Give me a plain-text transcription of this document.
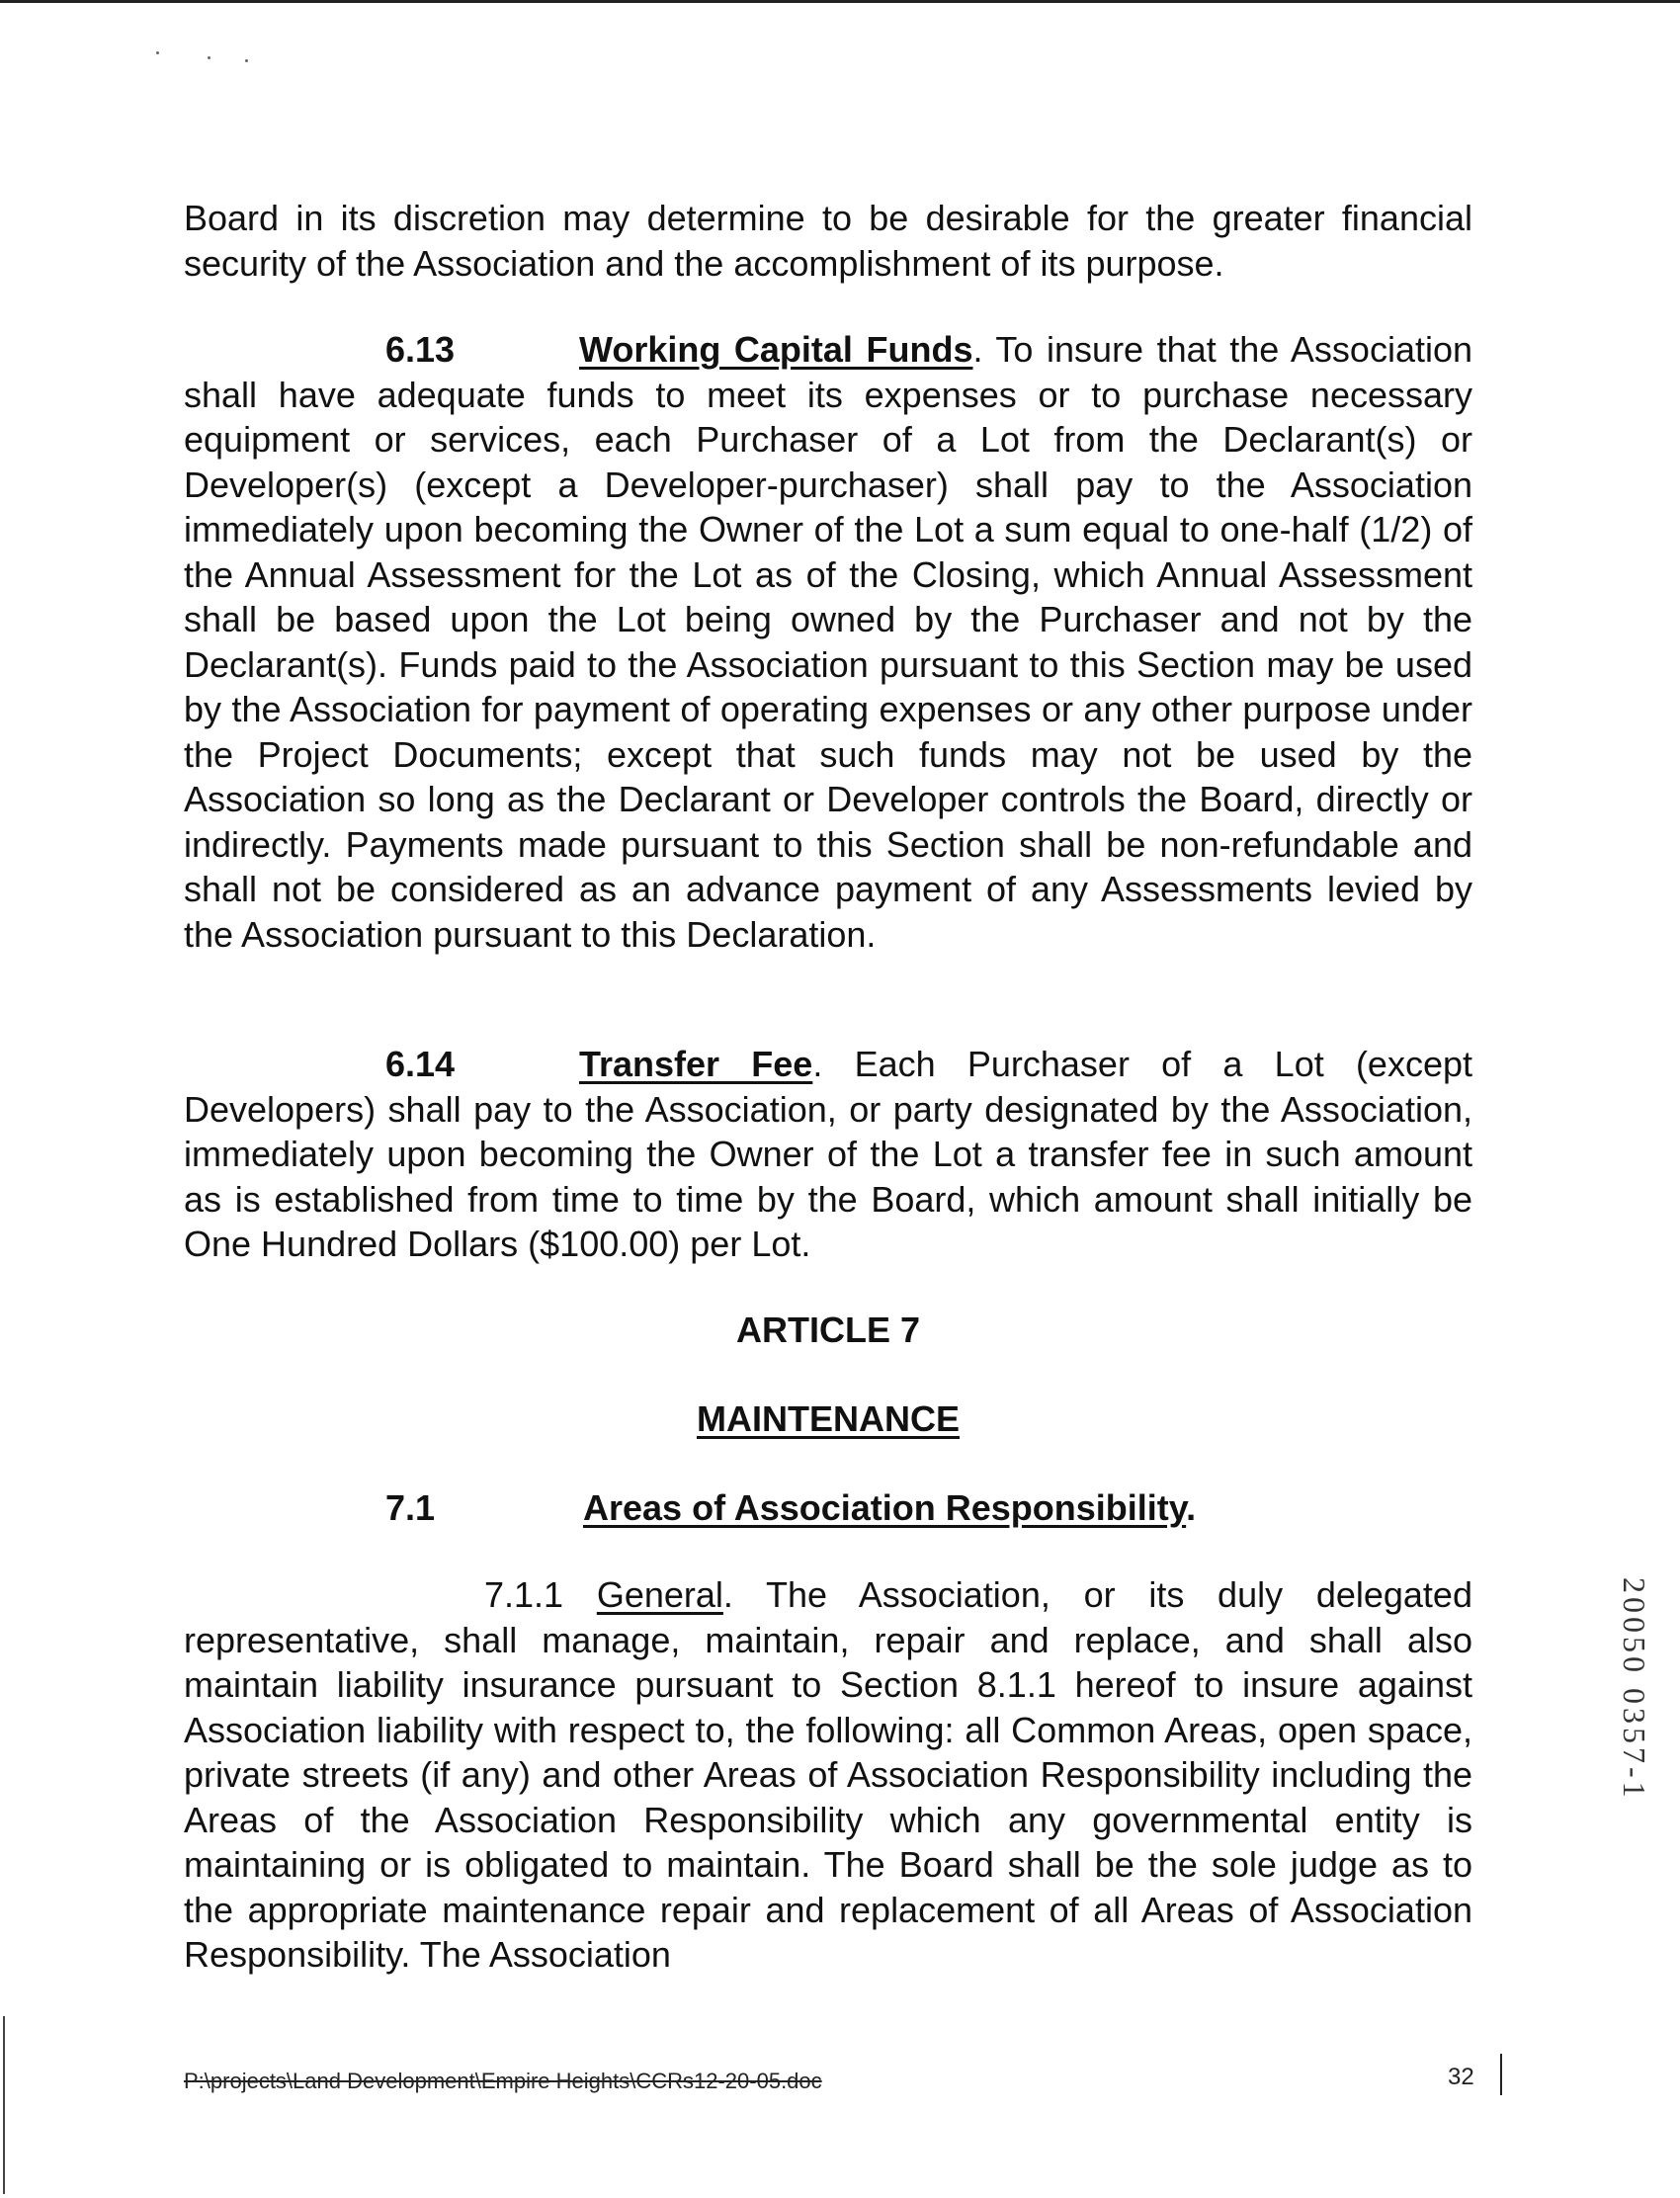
Board in its discretion may determine to be desirable for the greater financial security of the Association and the accomplishment of its purpose.

6.13	Working Capital Funds. To insure that the Association shall have adequate funds to meet its expenses or to purchase necessary equipment or services, each Purchaser of a Lot from the Declarant(s) or Developer(s) (except a Developer-purchaser) shall pay to the Association immediately upon becoming the Owner of the Lot a sum equal to one-half (1/2) of the Annual Assessment for the Lot as of the Closing, which Annual Assessment shall be based upon the Lot being owned by the Purchaser and not by the Declarant(s). Funds paid to the Association pursuant to this Section may be used by the Association for payment of operating expenses or any other purpose under the Project Documents; except that such funds may not be used by the Association so long as the Declarant or Developer controls the Board, directly or indirectly. Payments made pursuant to this Section shall be non-refundable and shall not be considered as an advance payment of any Assessments levied by the Association pursuant to this Declaration.

6.14	Transfer Fee. Each Purchaser of a Lot (except Developers) shall pay to the Association, or party designated by the Association, immediately upon becoming the Owner of the Lot a transfer fee in such amount as is established from time to time by the Board, which amount shall initially be One Hundred Dollars ($100.00) per Lot.

ARTICLE 7

MAINTENANCE

7.1	Areas of Association Responsibility.

7.1.1 General. The Association, or its duly delegated representative, shall manage, maintain, repair and replace, and shall also maintain liability insurance pursuant to Section 8.1.1 hereof to insure against Association liability with respect to, the following: all Common Areas, open space, private streets (if any) and other Areas of Association Responsibility including the Areas of the Association Responsibility which any governmental entity is maintaining or is obligated to maintain. The Board shall be the sole judge as to the appropriate maintenance repair and replacement of all Areas of Association Responsibility. The Association

20050 0357-1
P:\projects\Land Development\Empire Heights\CCRs12-20-05.doc	32
